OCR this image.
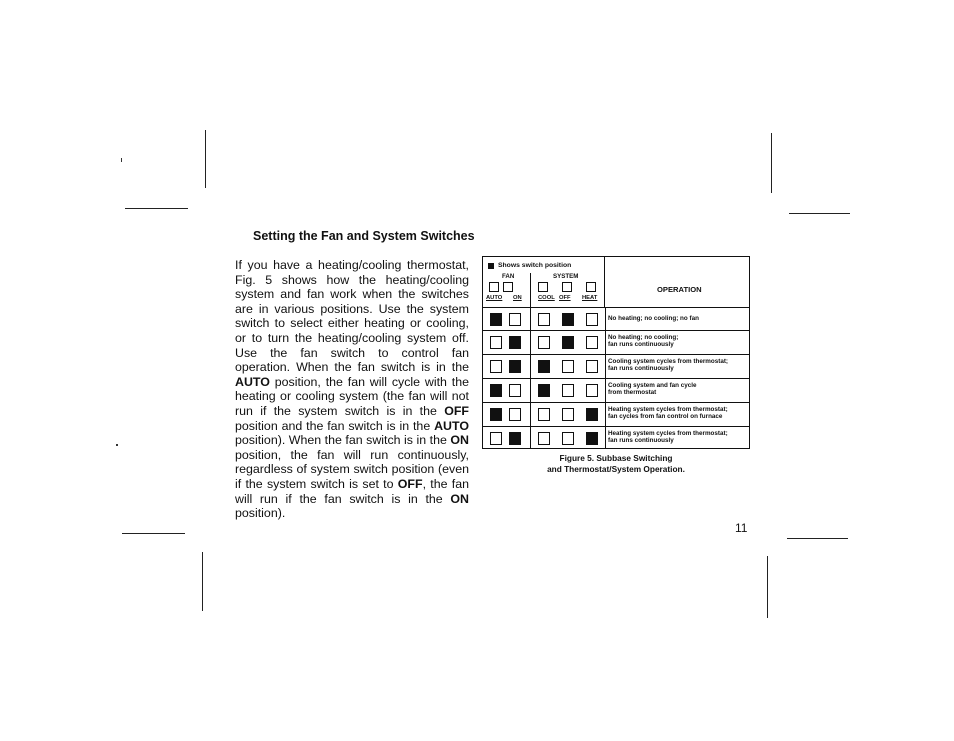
Setting the Fan and System Switches
If you have a heating/cooling thermostat, Fig. 5 shows how the heating/cooling system and fan work when the switches are in various positions. Use the system switch to select either heating or cooling, or to turn the heating/cooling system off. Use the fan switch to control fan operation. When the fan switch is in the AUTO position, the fan will cycle with the heating or cooling system (the fan will not run if the system switch is in the OFF position and the fan switch is in the AUTO position). When the fan switch is in the ON position, the fan will run continuously, regardless of system switch position (even if the system switch is set to OFF, the fan will run if the fan switch is in the ON position).
Shows switch position
FAN	SYSTEM
AUTO ON	COOL OFF HEAT
OPERATION
No heating; no cooling; no fan
No heating; no cooling;
fan runs continuously
Cooling system cycles from thermostat;
fan runs continuously
Cooling system and fan cycle
from thermostat
Heating system cycles from thermostat;
fan cycles from fan control on furnace
Heating system cycles from thermostat;
fan runs continuously
Figure 5. Subbase Switching
and Thermostat/System Operation.
11
